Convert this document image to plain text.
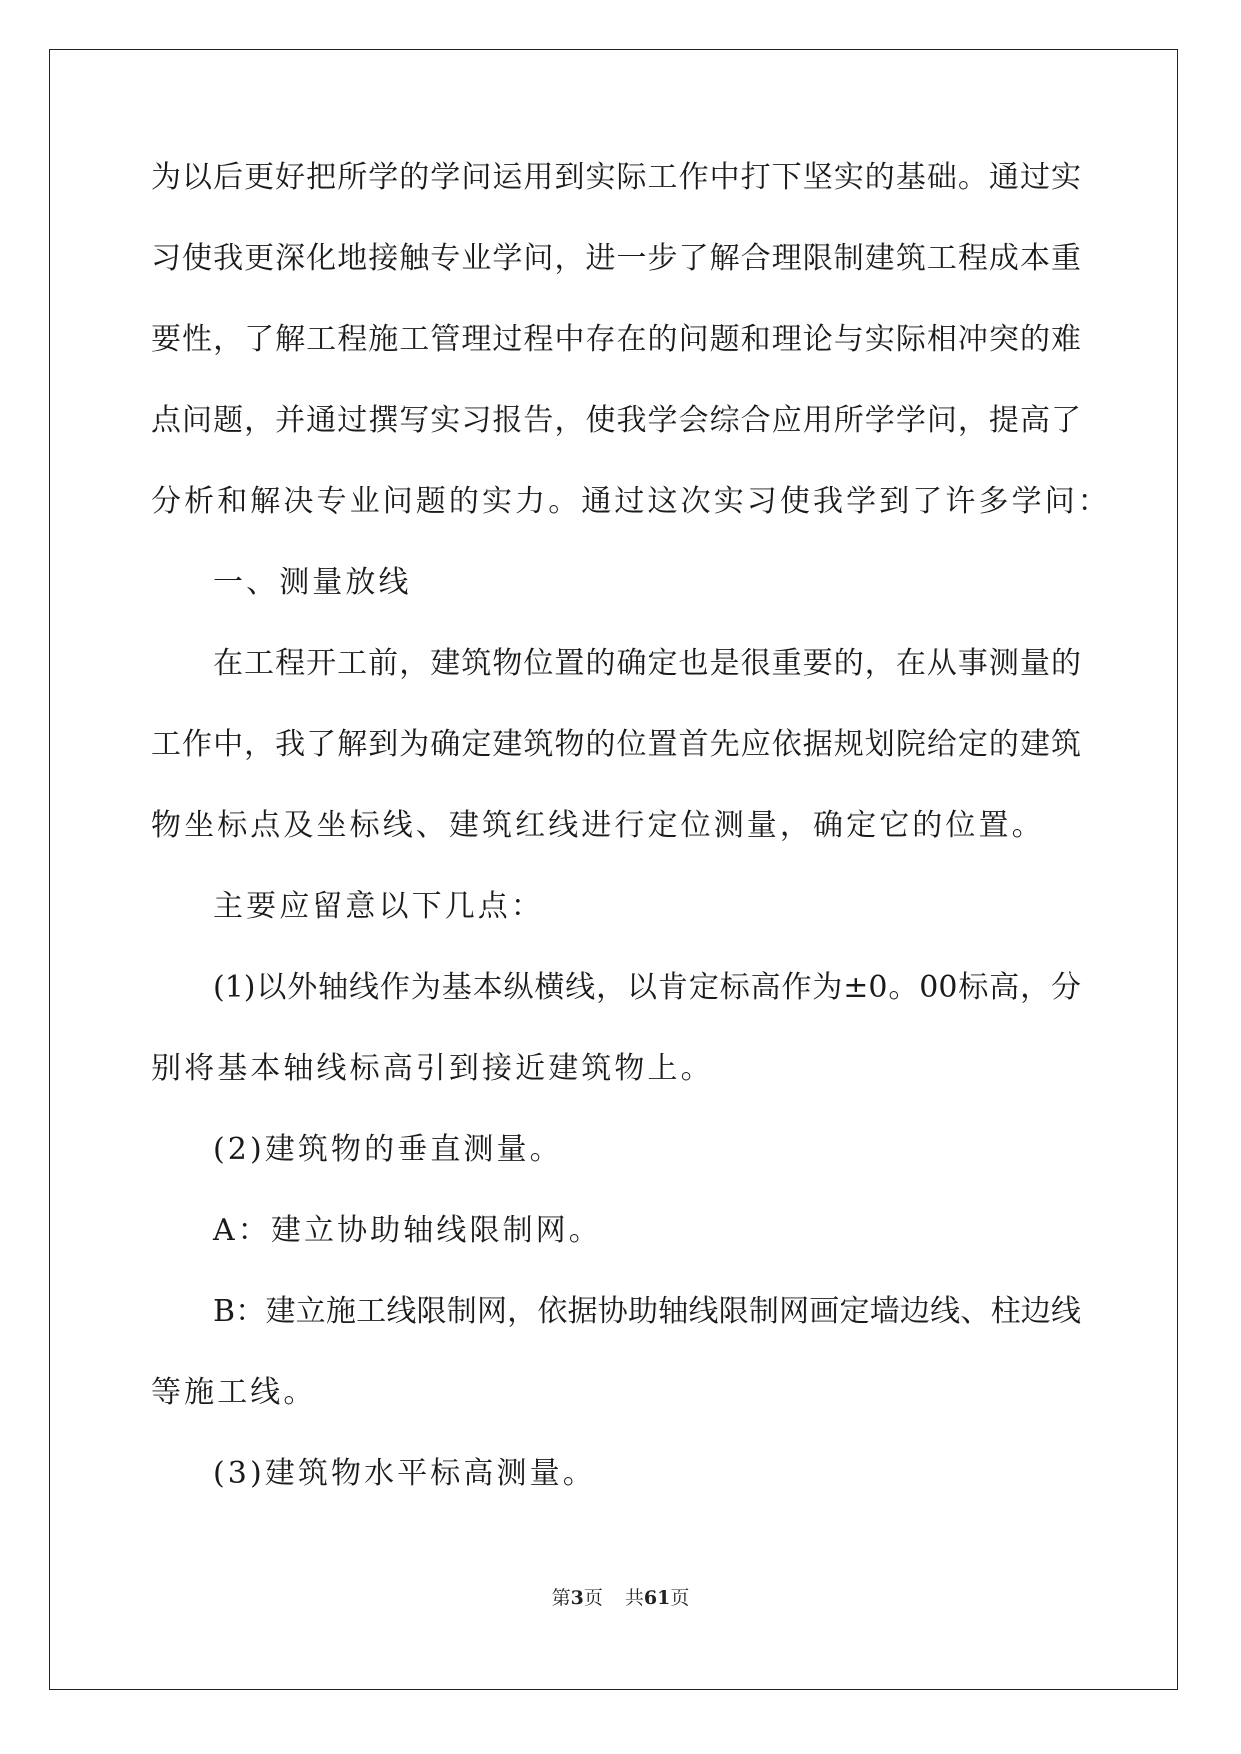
为以后更好把所学的学问运用到实际工作中打下坚实的基础。通过实
习使我更深化地接触专业学问，进一步了解合理限制建筑工程成本重
要性，了解工程施工管理过程中存在的问题和理论与实际相冲突的难
点问题，并通过撰写实习报告，使我学会综合应用所学学问，提高了
分析和解决专业问题的实力。通过这次实习使我学到了许多学问：
一、测量放线
在工程开工前，建筑物位置的确定也是很重要的，在从事测量的
工作中，我了解到为确定建筑物的位置首先应依据规划院给定的建筑
物坐标点及坐标线、建筑红线进行定位测量，确定它的位置。
主要应留意以下几点：
(1)以外轴线作为基本纵横线，以肯定标高作为±0。00标高，分
别将基本轴线标高引到接近建筑物上。
(2)建筑物的垂直测量。
A：建立协助轴线限制网。
B：建立施工线限制网，依据协助轴线限制网画定墙边线、柱边线
等施工线。
(3)建筑物水平标高测量。
第3页 共61页
